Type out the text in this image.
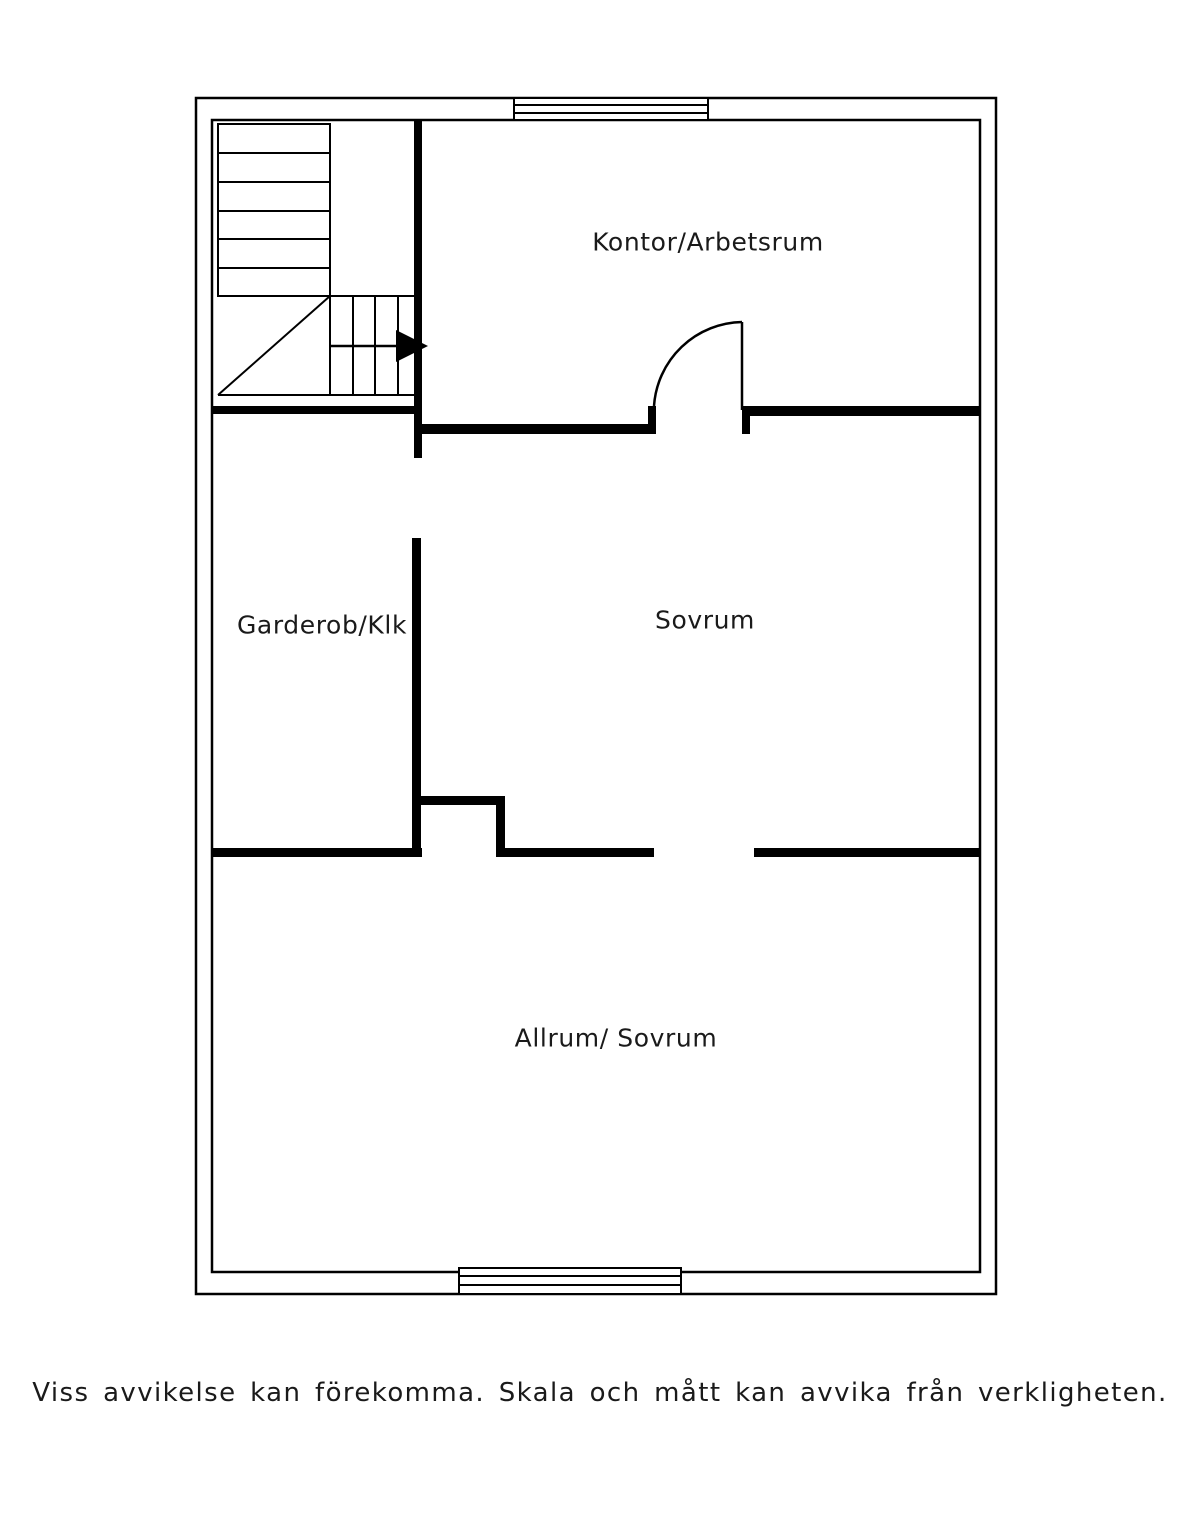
Kontor/Arbetsrum
Garderob/Klk	Sovrum
Allrum/ Sovrum
Viss avvikelse kan förekomma. Skala och mått kan avvika från verkligheten.
